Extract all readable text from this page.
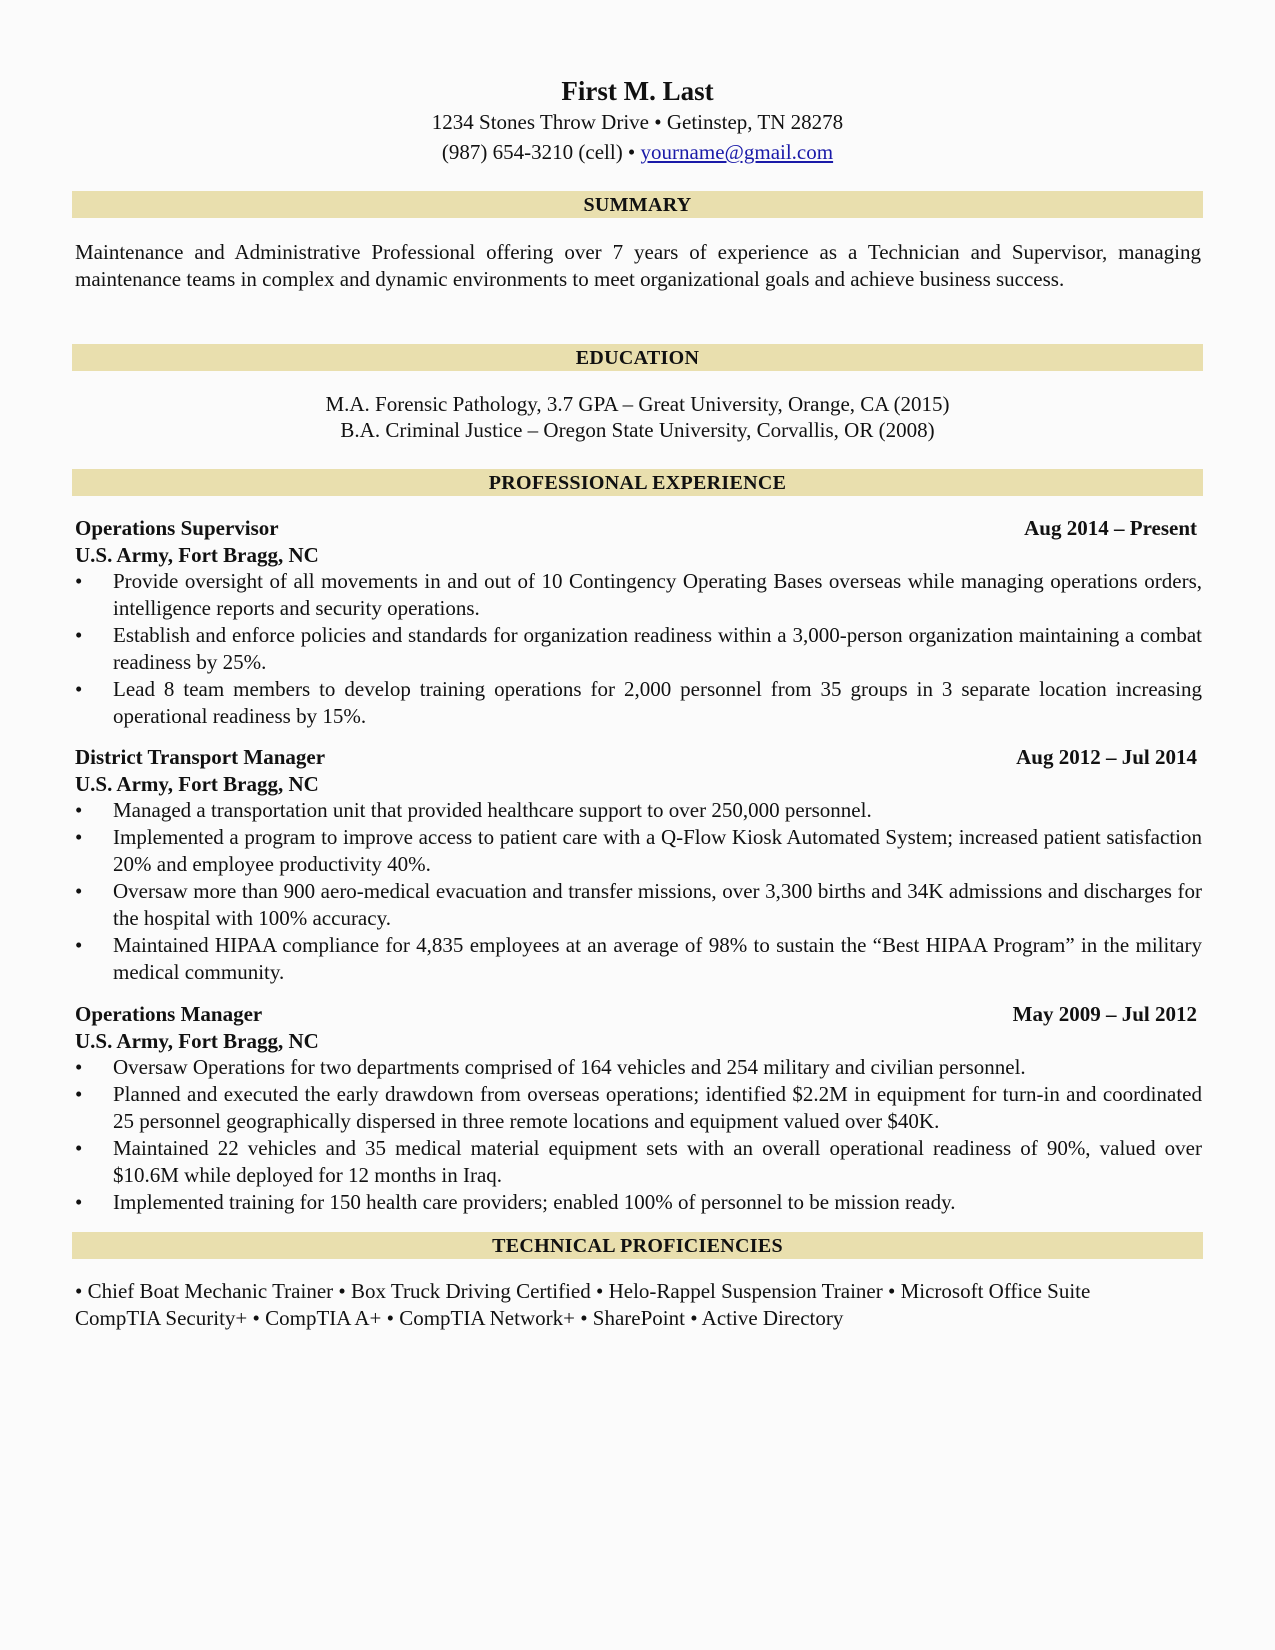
First M. Last
1234 Stones Throw Drive • Getinstep, TN 28278
(987) 654-3210 (cell) • yourname@gmail.com
SUMMARY
Maintenance and Administrative Professional offering over 7 years of experience as a Technician and Supervisor, managing maintenance teams in complex and dynamic environments to meet organizational goals and achieve business success.
EDUCATION
M.A. Forensic Pathology, 3.7 GPA – Great University, Orange, CA (2015)
B.A. Criminal Justice – Oregon State University, Corvallis, OR (2008)
PROFESSIONAL EXPERIENCE
Operations Supervisor	Aug 2014 – Present
U.S. Army, Fort Bragg, NC
• Provide oversight of all movements in and out of 10 Contingency Operating Bases overseas while managing operations orders, intelligence reports and security operations.
• Establish and enforce policies and standards for organization readiness within a 3,000-person organization maintaining a combat readiness by 25%.
• Lead 8 team members to develop training operations for 2,000 personnel from 35 groups in 3 separate location increasing operational readiness by 15%.
District Transport Manager	Aug 2012 – Jul 2014
U.S. Army, Fort Bragg, NC
• Managed a transportation unit that provided healthcare support to over 250,000 personnel.
• Implemented a program to improve access to patient care with a Q-Flow Kiosk Automated System; increased patient satisfaction 20% and employee productivity 40%.
• Oversaw more than 900 aero-medical evacuation and transfer missions, over 3,300 births and 34K admissions and discharges for the hospital with 100% accuracy.
• Maintained HIPAA compliance for 4,835 employees at an average of 98% to sustain the “Best HIPAA Program” in the military medical community.
Operations Manager	May 2009 – Jul 2012
U.S. Army, Fort Bragg, NC
• Oversaw Operations for two departments comprised of 164 vehicles and 254 military and civilian personnel.
• Planned and executed the early drawdown from overseas operations; identified $2.2M in equipment for turn-in and coordinated 25 personnel geographically dispersed in three remote locations and equipment valued over $40K.
• Maintained 22 vehicles and 35 medical material equipment sets with an overall operational readiness of 90%, valued over $10.6M while deployed for 12 months in Iraq.
• Implemented training for 150 health care providers; enabled 100% of personnel to be mission ready.
TECHNICAL PROFICIENCIES
• Chief Boat Mechanic Trainer • Box Truck Driving Certified • Helo-Rappel Suspension Trainer • Microsoft Office Suite
CompTIA Security+ • CompTIA A+ • CompTIA Network+ • SharePoint • Active Directory
